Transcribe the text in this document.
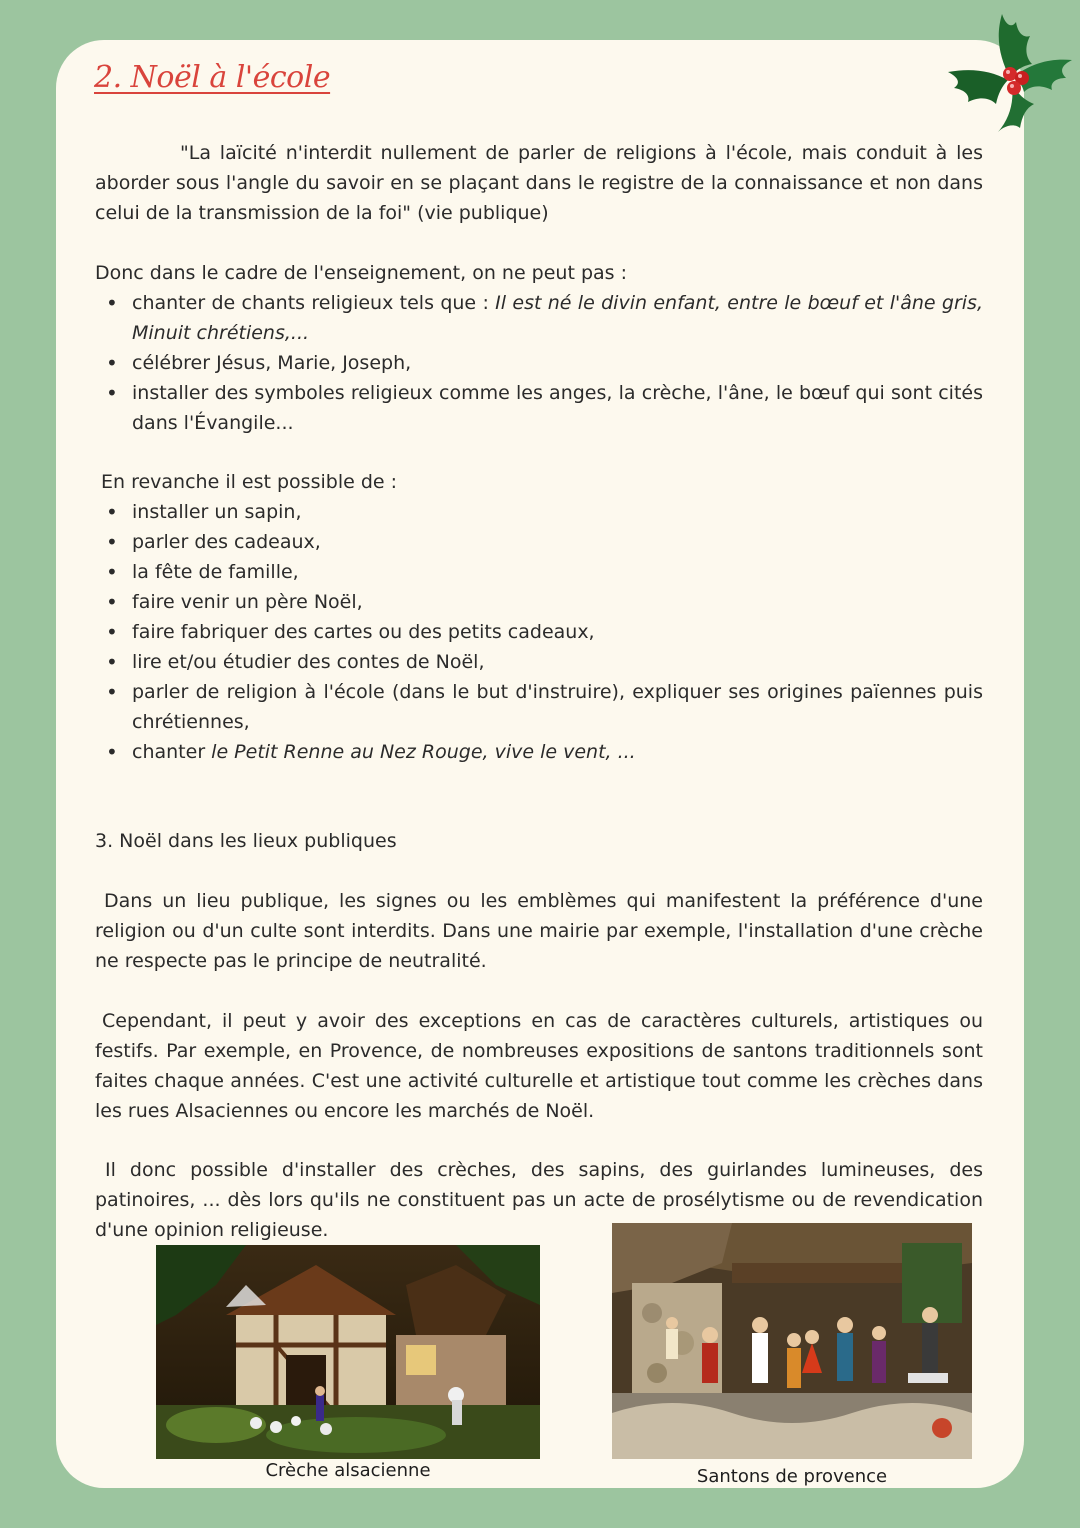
2. Noël à l'école
"La laïcité n'interdit nullement de parler de religions à l'école, mais conduit à les aborder sous l'angle du savoir en se plaçant dans le registre de la connaissance et non dans celui de la transmission de la foi" (vie publique)
Donc dans le cadre de l'enseignement, on ne peut pas :
• chanter de chants religieux tels que : Il est né le divin enfant, entre le bœuf et l'âne gris, Minuit chrétiens,...
• célébrer Jésus, Marie, Joseph,
• installer des symboles religieux comme les anges, la crèche, l'âne, le bœuf qui sont cités dans l'Évangile...
En revanche il est possible de :
• installer un sapin,
• parler des cadeaux,
• la fête de famille,
• faire venir un père Noël,
• faire fabriquer des cartes ou des petits cadeaux,
• lire et/ou étudier des contes de Noël,
• parler de religion à l'école (dans le but d'instruire), expliquer ses origines païennes puis chrétiennes,
• chanter le Petit Renne au Nez Rouge, vive le vent, ...
3. Noël dans les lieux publiques
Dans un lieu publique, les signes ou les emblèmes qui manifestent la préférence d'une religion ou d'un culte sont interdits. Dans une mairie par exemple, l'installation d'une crèche ne respecte pas le principe de neutralité.
Cependant, il peut y avoir des exceptions en cas de caractères culturels, artistiques ou festifs. Par exemple, en Provence, de nombreuses expositions de santons traditionnels sont faites chaque années. C'est une activité culturelle et artistique tout comme les crèches dans les rues Alsaciennes ou encore les marchés de Noël.
Il donc possible d'installer des crèches, des sapins, des guirlandes lumineuses, des patinoires, ... dès lors qu'ils ne constituent pas un acte de prosélytisme ou de revendication d'une opinion religieuse.
Crèche alsacienne	Santons de provence
